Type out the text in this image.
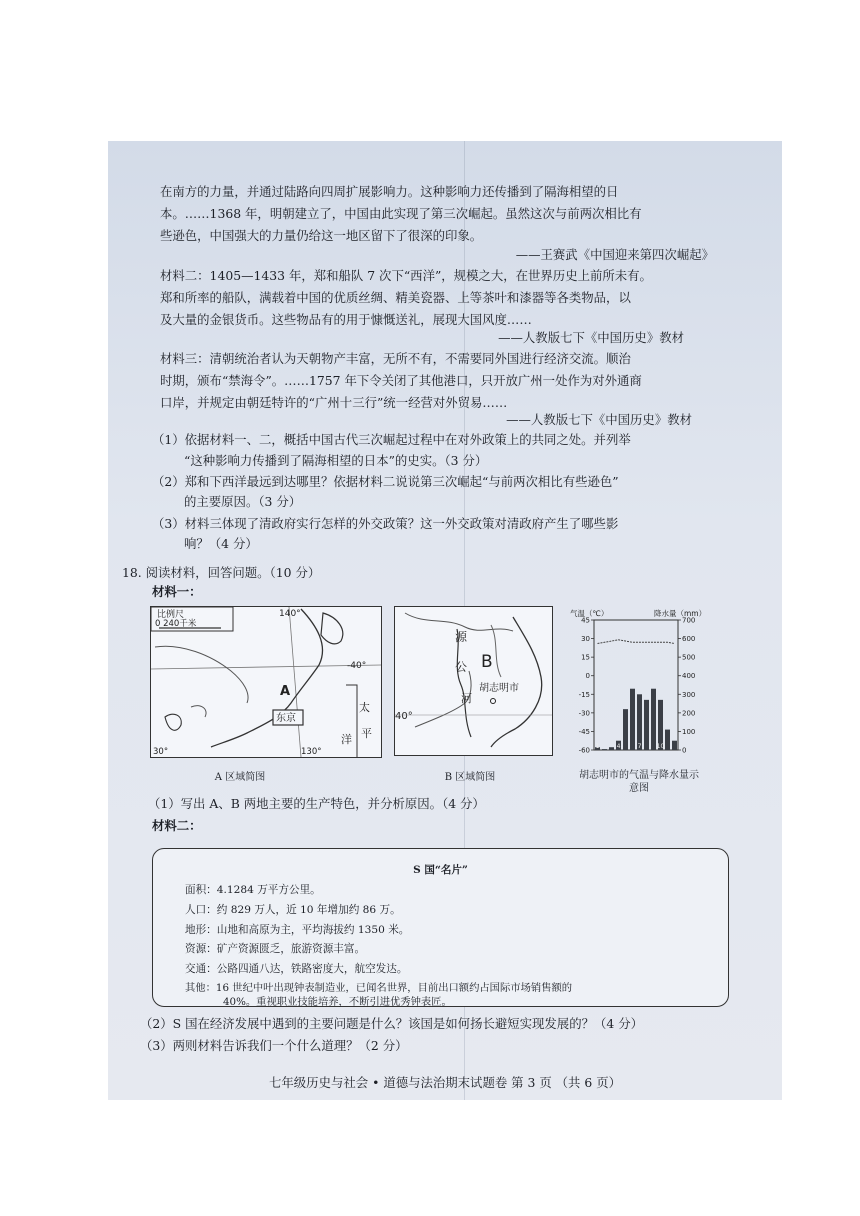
在南方的力量，并通过陆路向四周扩展影响力。这种影响力还传播到了隔海相望的日
本。……1368 年，明朝建立了，中国由此实现了第三次崛起。虽然这次与前两次相比有
些逊色，中国强大的力量仍给这一地区留下了很深的印象。
——王赛武《中国迎来第四次崛起》
材料二：1405—1433 年，郑和船队 7 次下“西洋”，规模之大，在世界历史上前所未有。
郑和所率的船队，满载着中国的优质丝绸、精美瓷器、上等茶叶和漆器等各类物品，以
及大量的金银货币。这些物品有的用于慷慨送礼，展现大国风度……
——人教版七下《中国历史》教材
材料三：清朝统治者认为天朝物产丰富，无所不有，不需要同外国进行经济交流。顺治
时期，颁布“禁海令”。……1757 年下令关闭了其他港口，只开放广州一处作为对外通商
口岸，并规定由朝廷特许的“广州十三行”统一经营对外贸易……
——人教版七下《中国历史》教材
（1）依据材料一、二，概括中国古代三次崛起过程中在对外政策上的共同之处。并列举
“这种影响力传播到了隔海相望的日本”的史实。（3 分）
（2）郑和下西洋最远到达哪里？依据材料二说说第三次崛起“与前两次相比有些逊色”
的主要原因。（3 分）
（3）材料三体现了清政府实行怎样的外交政策？这一外交政策对清政府产生了哪些影
响？（4 分）
18. 阅读材料，回答问题。（10 分）
材料一：
比例尺
0 240千米
140°
-40°
A
东京
太
平
洋
30°	130°
A 区域简图
源
公
河
B
胡志明市
40°
B 区域简图
气温（℃）	降水量（mm）
45
30
15
0
-15
-30
-45
-60
700
600
500
400
300
200
100
0
1	4	7	10
胡志明市的气温与降水量示意图
（1）写出 A、B 两地主要的生产特色，并分析原因。（4 分）
材料二：
S 国“名片”
面积：4.1284 万平方公里。
人口：约 829 万人，近 10 年增加约 86 万。
地形：山地和高原为主，平均海拔约 1350 米。
资源：矿产资源匮乏，旅游资源丰富。
交通：公路四通八达，铁路密度大，航空发达。
其他：16 世纪中叶出现钟表制造业，已闻名世界，目前出口额约占国际市场销售额的
40%。重视职业技能培养，不断引进优秀钟表匠。
（2）S 国在经济发展中遇到的主要问题是什么？该国是如何扬长避短实现发展的？（4 分）
（3）两则材料告诉我们一个什么道理？（2 分）
七年级历史与社会 • 道德与法治期末试题卷 第 3 页 （共 6 页）
